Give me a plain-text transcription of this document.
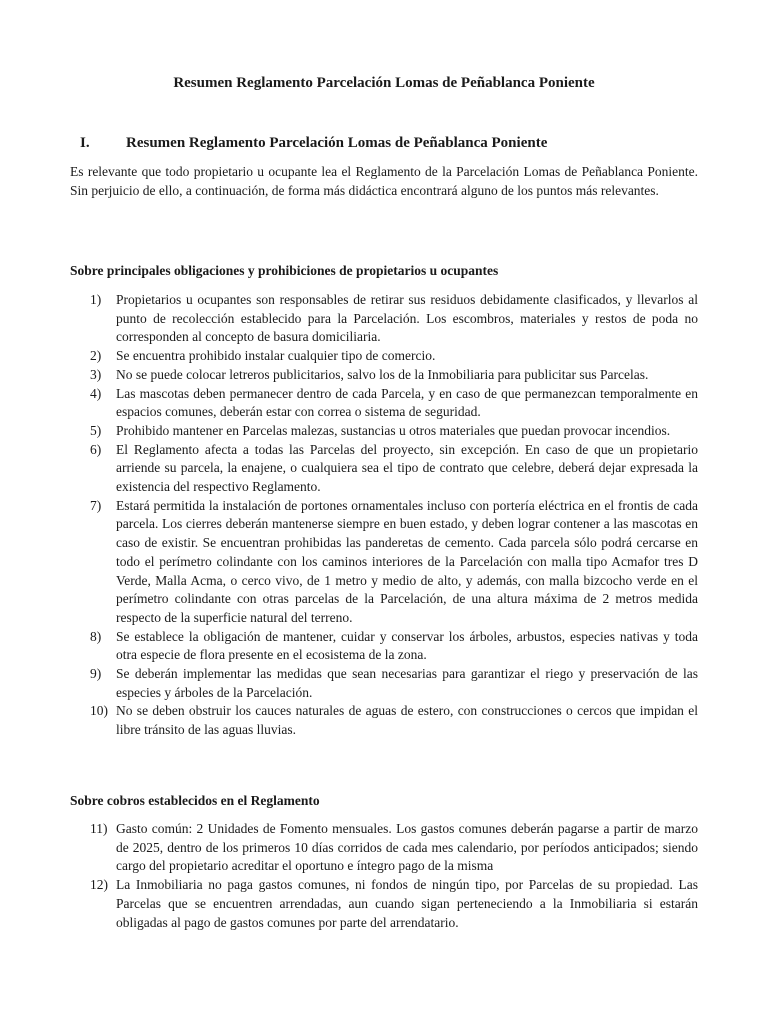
Resumen Reglamento Parcelación Lomas de Peñablanca Poniente
I.	Resumen Reglamento Parcelación Lomas de Peñablanca Poniente
Es relevante que todo propietario u ocupante lea el Reglamento de la Parcelación Lomas de Peñablanca Poniente. Sin perjuicio de ello, a continuación, de forma más didáctica encontrará alguno de los puntos más relevantes.
Sobre principales obligaciones y prohibiciones de propietarios u ocupantes
1) Propietarios u ocupantes son responsables de retirar sus residuos debidamente clasificados, y llevarlos al punto de recolección establecido para la Parcelación. Los escombros, materiales y restos de poda no corresponden al concepto de basura domiciliaria.
2) Se encuentra prohibido instalar cualquier tipo de comercio.
3) No se puede colocar letreros publicitarios, salvo los de la Inmobiliaria para publicitar sus Parcelas.
4) Las mascotas deben permanecer dentro de cada Parcela, y en caso de que permanezcan temporalmente en espacios comunes, deberán estar con correa o sistema de seguridad.
5) Prohibido mantener en Parcelas malezas, sustancias u otros materiales que puedan provocar incendios.
6) El Reglamento afecta a todas las Parcelas del proyecto, sin excepción. En caso de que un propietario arriende su parcela, la enajene, o cualquiera sea el tipo de contrato que celebre, deberá dejar expresada la existencia del respectivo Reglamento.
7) Estará permitida la instalación de portones ornamentales incluso con portería eléctrica en el frontis de cada parcela. Los cierres deberán mantenerse siempre en buen estado, y deben lograr contener a las mascotas en caso de existir. Se encuentran prohibidas las panderetas de cemento. Cada parcela sólo podrá cercarse en todo el perímetro colindante con los caminos interiores de la Parcelación con malla tipo Acmafor tres D Verde, Malla Acma, o cerco vivo, de 1 metro y medio de alto, y además, con malla bizcocho verde en el perímetro colindante con otras parcelas de la Parcelación, de una altura máxima de 2 metros medida respecto de la superficie natural del terreno.
8) Se establece la obligación de mantener, cuidar y conservar los árboles, arbustos, especies nativas y toda otra especie de flora presente en el ecosistema de la zona.
9) Se deberán implementar las medidas que sean necesarias para garantizar el riego y preservación de las especies y árboles de la Parcelación.
10) No se deben obstruir los cauces naturales de aguas de estero, con construcciones o cercos que impidan el libre tránsito de las aguas lluvias.
Sobre cobros establecidos en el Reglamento
11) Gasto común: 2 Unidades de Fomento mensuales. Los gastos comunes deberán pagarse a partir de marzo de 2025, dentro de los primeros 10 días corridos de cada mes calendario, por períodos anticipados; siendo cargo del propietario acreditar el oportuno e íntegro pago de la misma
12) La Inmobiliaria no paga gastos comunes, ni fondos de ningún tipo, por Parcelas de su propiedad. Las Parcelas que se encuentren arrendadas, aun cuando sigan perteneciendo a la Inmobiliaria si estarán obligadas al pago de gastos comunes por parte del arrendatario.
